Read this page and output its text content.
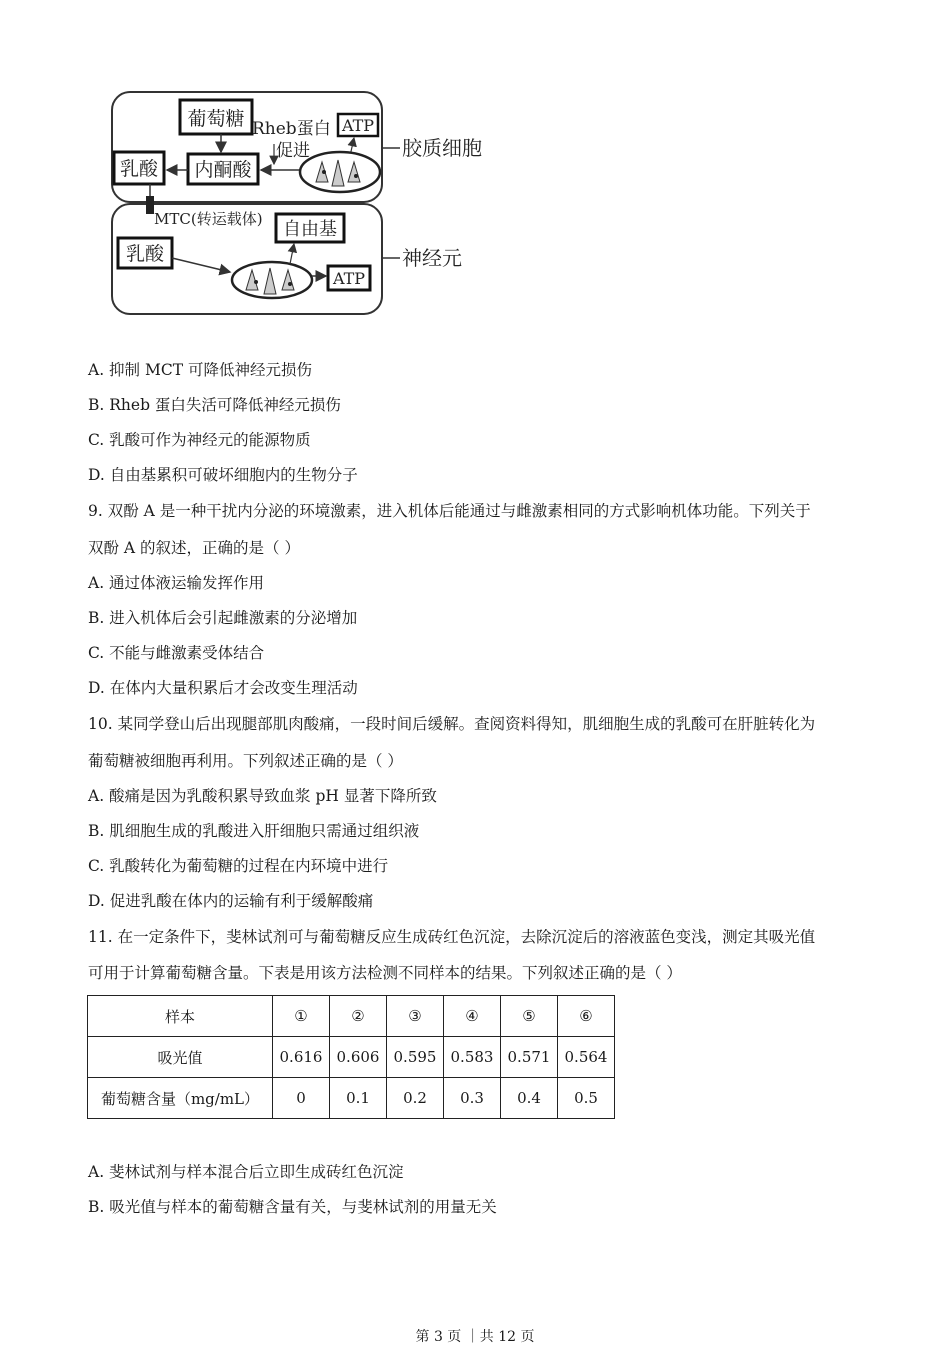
葡萄糖
内酮酸
乳酸
Rheb蛋白
促进
ATP
MTC(转运载体) 自由基
乳酸
ATP
胶质细胞
神经元
A. 抑制 MCT 可降低神经元损伤
B. Rheb 蛋白失活可降低神经元损伤
C. 乳酸可作为神经元的能源物质
D. 自由基累积可破坏细胞内的生物分子
9. 双酚 A 是一种干扰内分泌的环境激素，进入机体后能通过与雌激素相同的方式影响机体功能。下列关于
双酚 A 的叙述，正确的是（ ）
A. 通过体液运输发挥作用
B. 进入机体后会引起雌激素的分泌增加
C. 不能与雌激素受体结合
D. 在体内大量积累后才会改变生理活动
10. 某同学登山后出现腿部肌肉酸痛，一段时间后缓解。查阅资料得知，肌细胞生成的乳酸可在肝脏转化为
葡萄糖被细胞再利用。下列叙述正确的是（ ）
A. 酸痛是因为乳酸积累导致血浆 pH 显著下降所致
B. 肌细胞生成的乳酸进入肝细胞只需通过组织液
C. 乳酸转化为葡萄糖的过程在内环境中进行
D. 促进乳酸在体内的运输有利于缓解酸痛
11. 在一定条件下，斐林试剂可与葡萄糖反应生成砖红色沉淀，去除沉淀后的溶液蓝色变浅，测定其吸光值
可用于计算葡萄糖含量。下表是用该方法检测不同样本的结果。下列叙述正确的是（ ）
样本	①	②	③	④	⑤	⑥
吸光值	0.616	0.606	0.595	0.583	0.571	0.564
葡萄糖含量（mg/mL）	0	0.1	0.2	0.3	0.4	0.5
A. 斐林试剂与样本混合后立即生成砖红色沉淀
B. 吸光值与样本的葡萄糖含量有关，与斐林试剂的用量无关
第 3 页 ｜共 12 页
